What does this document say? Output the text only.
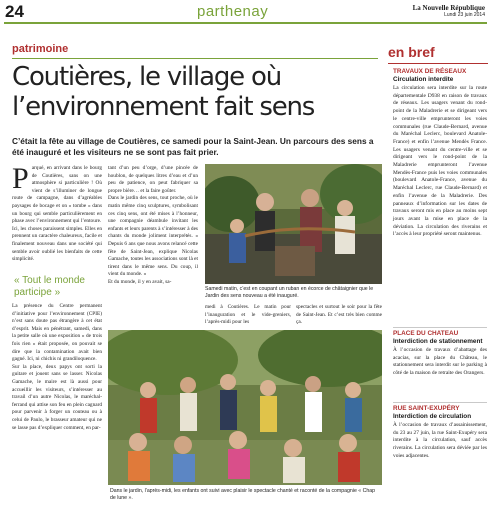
24	parthenay	La Nouvelle République
Lundi 23 juin 2014
patrimoine
Coutières, le village où l’environnement fait sens
C’était la fête au village de Coutières, ce samedi pour la Saint-Jean. Un parcours des sens a été inauguré et les visiteurs ne se sont pas fait prier.
P arqué, en arrivant dans le bourg de Coutières, sans on une atmosphère si particulière ! Où vient de s’illuminer de longue route de campagne, dans d’agréables paysages de bocage et on « tombe » dans un bourg qui semble particulièrement en phase avec l’environnement qui l’entoure.

Ici, les choses paraissent simples. Elles en prennent un caractère chaleureux, facile et finalement nouveau dans une société qui semble avoir oublié les bienfaits de cette simplicité.

« Tout le monde participe »

La présence du Centre permanent d’initiative pour l’environnement (CPIE) n’est sans doute pas étrangère à cet état d’esprit. Mais en pénétrant, samedi, dans la petite salle où une exposition « de trois fois rien » était proposée, on pouvait se dire que la contamination avait bien gagné. Ici, ni chichis ni grandiloquence.

Sur la place, deux papys ont sorti la guitare et jouent sans se lasser. Nicolas Gamache, le maire est là aussi pour accueillir les visiteurs, s’intéresser au travail d’un autre Nicolas, le maréchal-ferrand qui attise son feu en plein cagnard pour parvenir à forger un couteau ou à celui de Paulo, le brasseur amateur qui ne se lasse pas d’expliquer comment, en par-

tant d’un peu d’orge, d’une pincée de houblon, de quelques litres d’eau et d’un peu de patience, on peut fabriquer sa propre bière… et la faire goûter.

Dans le jardin des sens, tout proche, où le matin même cinq sculptures, symbolisant ces cinq sens, ont été mises à l’honneur, une compagnie déambule invitant les enfants et leurs parents à s’intéresser à des chants du monde joliment interprétés. « Depuis 6 ans que nous avons relancé cette fête de Saint-Jean, explique Nicolas Gamache, toutes les associations sont là et tirent dans le même sens. Du coup, il vient du monde. »

Et du monde, il y en avait, sa-

Samedi matin, c’est en coupant un ruban en écorce de châtaignier que le Jardin des sens nouveau a été inauguré.

medi à Coutières. Le matin pour l’inauguration et le vide-greniers, l’après-midi pour les

spectacles et surtout le soir pour la fête de Saint-Jean. Et c’est très bien comme ça.

Dans le jardin, l’après-midi, les enfants ont suivi avec plaisir le spectacle chanté et raconté de la compagnie « Chap de lune ».
en bref
TRAVAUX DE RÉSEAUX
Circulation interdite
La circulation sera interdite sur la route départementale D938 en raison de travaux de réseaux. Les usagers venant du rond-point de la Maladrerie et se dirigeant vers le centre-ville emprunteront les voies communales (rue Claude-Bernard, avenue du Maréchal Leclerc, boulevard Anatole-France) et enfin l’avenue Mendès France. Les usagers venant du centre-ville et se dirigeant vers le rond-point de la Maladrerie emprunteront l’avenue Mendès-France puis les voies communales (boulevard Anatole-France, avenue du Maréchal Leclerc, rue Claude-Bernard) et enfin l’avenue de la Maladrerie. Des panneaux d’information sur les dates de travaux seront mis en place au moins sept jours avant la mise en place de la déviation. La circulation des riverains et l’accès à leur propriété seront maintenus.
PLACE DU CHATEAU
Interdiction de stationnement
À l’occasion de travaux d’abattage des acacias, sur la place du Château, le stationnement sera interdit sur le parking à côté de la maison de retraite des Orangers.
RUE SAINT-EXUPÉRY
Interdiction de circulation
À l’occasion de travaux d’assainissement, du 23 au 27 juin, la rue Saint-Exupéry sera interdite à la circulation, sauf accès riverains. La circulation sera déviée par les voies adjacentes.
